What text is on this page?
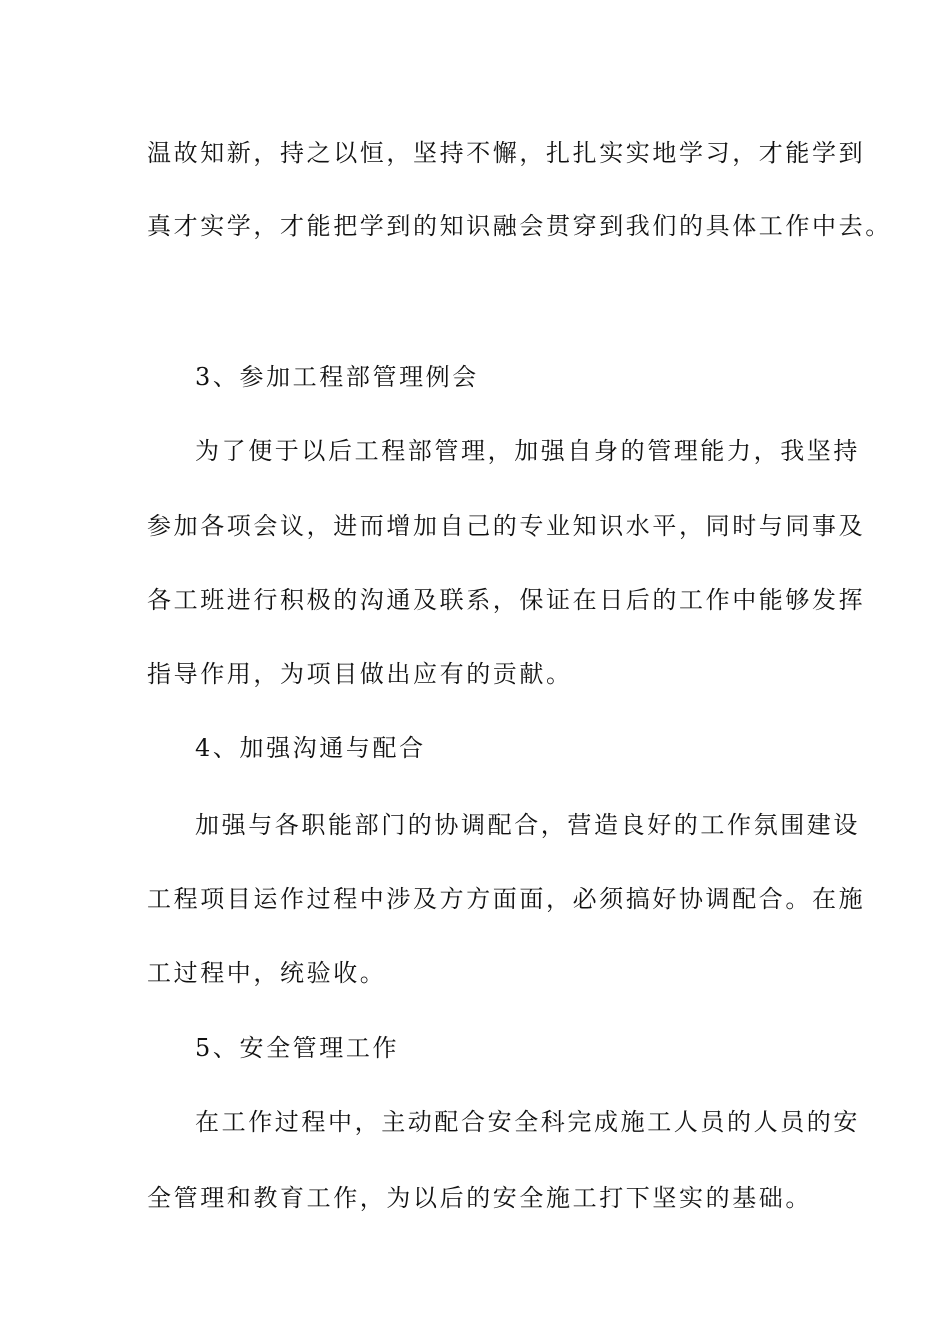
温故知新，持之以恒，坚持不懈，扎扎实实地学习，才能学到
真才实学，才能把学到的知识融会贯穿到我们的具体工作中去。
3、参加工程部管理例会
为了便于以后工程部管理，加强自身的管理能力，我坚持
参加各项会议，进而增加自己的专业知识水平，同时与同事及
各工班进行积极的沟通及联系，保证在日后的工作中能够发挥
指导作用，为项目做出应有的贡献。
4、加强沟通与配合
加强与各职能部门的协调配合，营造良好的工作氛围建设
工程项目运作过程中涉及方方面面，必须搞好协调配合。在施
工过程中，统验收。
5、安全管理工作
在工作过程中，主动配合安全科完成施工人员的人员的安
全管理和教育工作，为以后的安全施工打下坚实的基础。
